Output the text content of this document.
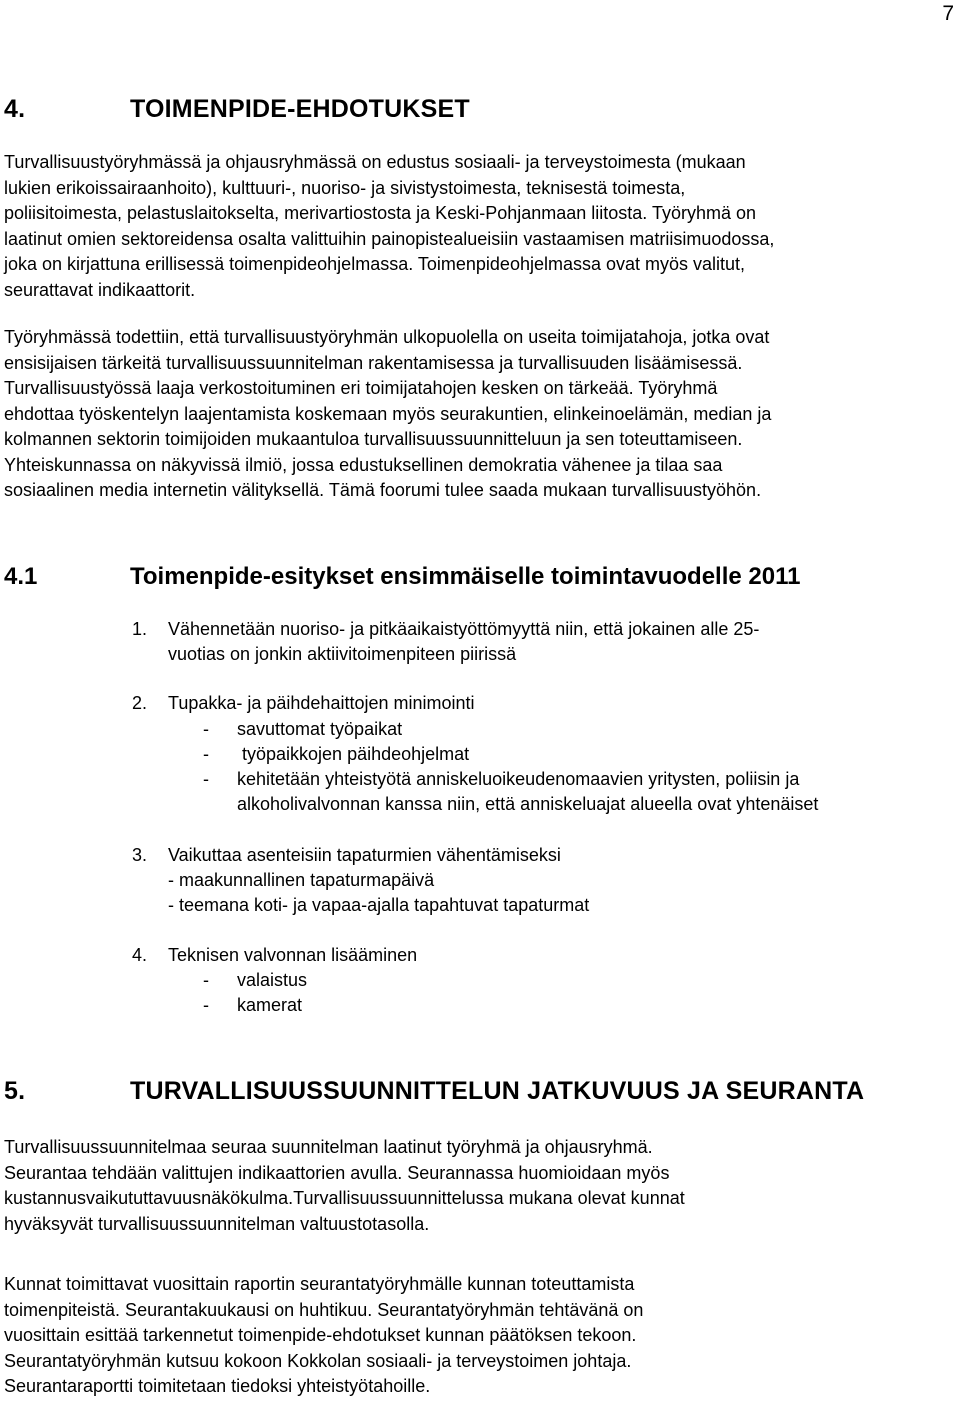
7
4.	TOIMENPIDE-EHDOTUKSET
Turvallisuustyöryhmässä ja ohjausryhmässä on edustus sosiaali- ja terveystoimesta (mukaan
lukien erikoissairaanhoito), kulttuuri-, nuoriso- ja sivistystoimesta, teknisestä toimesta,
poliisitoimesta, pelastuslaitokselta, merivartiostosta ja Keski-Pohjanmaan liitosta. Työryhmä on
laatinut omien sektoreidensa osalta valittuihin painopistealueisiin vastaamisen matriisimuodossa,
joka on kirjattuna erillisessä toimenpideohjelmassa. Toimenpideohjelmassa ovat myös valitut,
seurattavat indikaattorit.
Työryhmässä todettiin, että turvallisuustyöryhmän ulkopuolella on useita toimijatahoja, jotka ovat
ensisijaisen tärkeitä turvallisuussuunnitelman rakentamisessa ja turvallisuuden lisäämisessä.
Turvallisuustyössä laaja verkostoituminen eri toimijatahojen kesken on tärkeää. Työryhmä
ehdottaa työskentelyn laajentamista koskemaan myös seurakuntien, elinkeinoelämän, median ja
kolmannen sektorin toimijoiden mukaantuloa turvallisuussuunnitteluun ja sen toteuttamiseen.
Yhteiskunnassa on näkyvissä ilmiö, jossa edustuksellinen demokratia vähenee ja tilaa saa
sosiaalinen media internetin välityksellä. Tämä foorumi tulee saada mukaan turvallisuustyöhön.
4.1	Toimenpide-esitykset ensimmäiselle toimintavuodelle 2011
1. Vähennetään nuoriso- ja pitkäaikaistyöttömyyttä niin, että jokainen alle 25-
vuotias on jonkin aktiivitoimenpiteen piirissä
2. Tupakka- ja päihdehaittojen minimointi
- savuttomat työpaikat
- työpaikkojen päihdeohjelmat
- kehitetään yhteistyötä anniskeluoikeudenomaavien yritysten, poliisin ja
alkoholivalvonnan kanssa niin, että anniskeluajat alueella ovat yhtenäiset
3. Vaikuttaa asenteisiin tapaturmien vähentämiseksi
- maakunnallinen tapaturmapäivä
- teemana koti- ja vapaa-ajalla tapahtuvat tapaturmat
4. Teknisen valvonnan lisääminen
- valaistus
- kamerat
5.	TURVALLISUUSSUUNNITTELUN JATKUVUUS JA SEURANTA
Turvallisuussuunnitelmaa seuraa suunnitelman laatinut työryhmä ja ohjausryhmä.
Seurantaa tehdään valittujen indikaattorien avulla. Seurannassa huomioidaan myös
kustannusvaikututtavuusnäkökulma.Turvallisuussuunnittelussa mukana olevat kunnat
hyväksyvät turvallisuussuunnitelman valtuustotasolla.
Kunnat toimittavat vuosittain raportin seurantatyöryhmälle kunnan toteuttamista
toimenpiteistä. Seurantakuukausi on huhtikuu. Seurantatyöryhmän tehtävänä on
vuosittain esittää tarkennetut toimenpide-ehdotukset kunnan päätöksen tekoon.
Seurantatyöryhmän kutsuu kokoon Kokkolan sosiaali- ja terveystoimen johtaja.
Seurantaraportti toimitetaan tiedoksi yhteistyötahoille.
